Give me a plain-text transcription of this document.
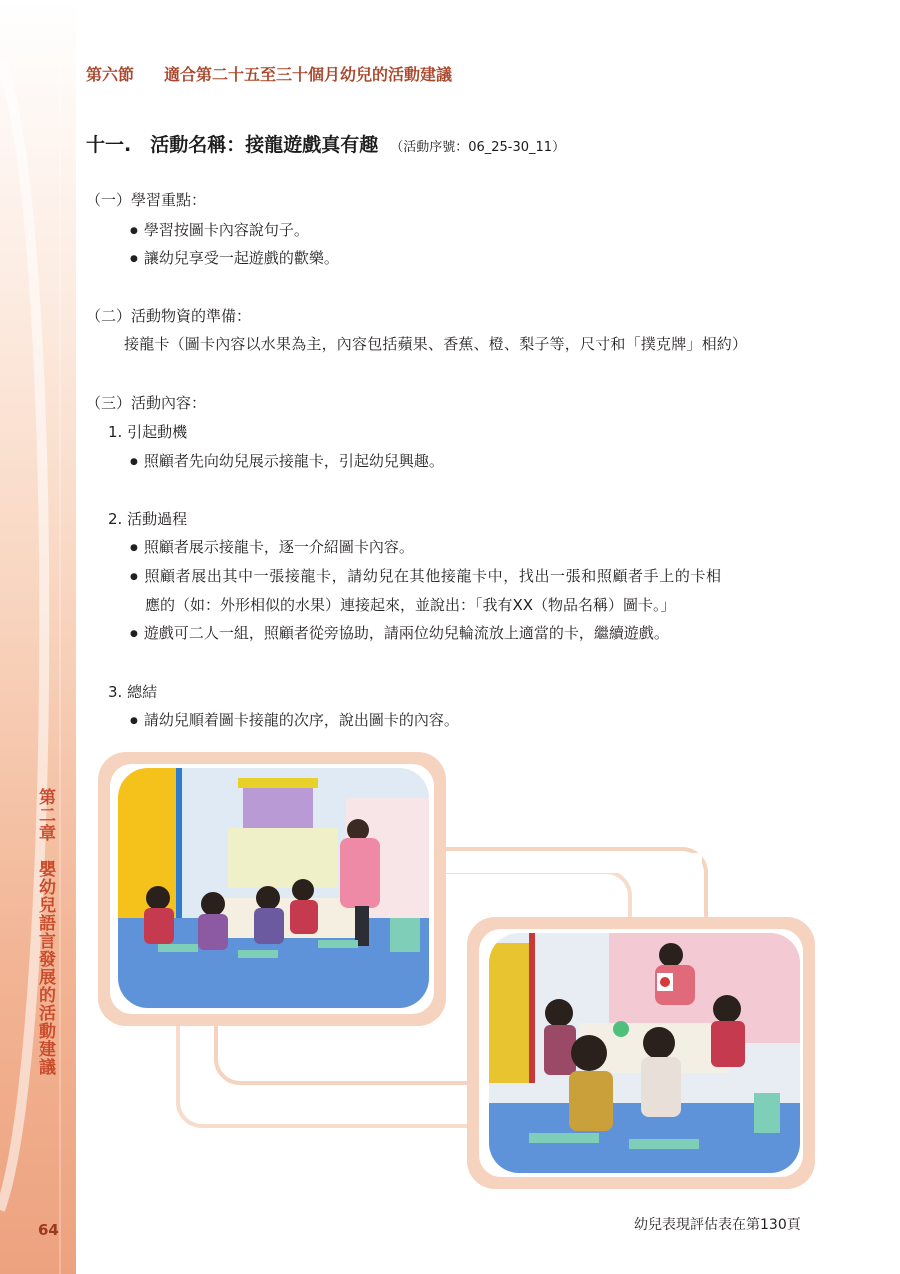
第二章　嬰幼兒語言發展的活動建議
64
第六節 適合第二十五至三十個月幼兒的活動建議
十一.　活動名稱：接龍遊戲真有趣 （活動序號：06_25-30_11）
（一）學習重點：
● 學習按圖卡內容說句子。
● 讓幼兒享受一起遊戲的歡樂。
（二）活動物資的準備：
接龍卡（圖卡內容以水果為主，內容包括蘋果、香蕉、橙、梨子等，尺寸和「撲克牌」相約）
（三）活動內容：
1. 引起動機
● 照顧者先向幼兒展示接龍卡，引起幼兒興趣。
2. 活動過程
● 照顧者展示接龍卡，逐一介紹圖卡內容。
● 照顧者展出其中一張接龍卡，請幼兒在其他接龍卡中，找出一張和照顧者手上的卡相
應的（如：外形相似的水果）連接起來，並說出：「我有XX（物品名稱）圖卡。」
● 遊戲可二人一組，照顧者從旁協助，請兩位幼兒輪流放上適當的卡，繼續遊戲。
3. 總結
● 請幼兒順着圖卡接龍的次序，說出圖卡的內容。
幼兒表現評估表在第130頁
